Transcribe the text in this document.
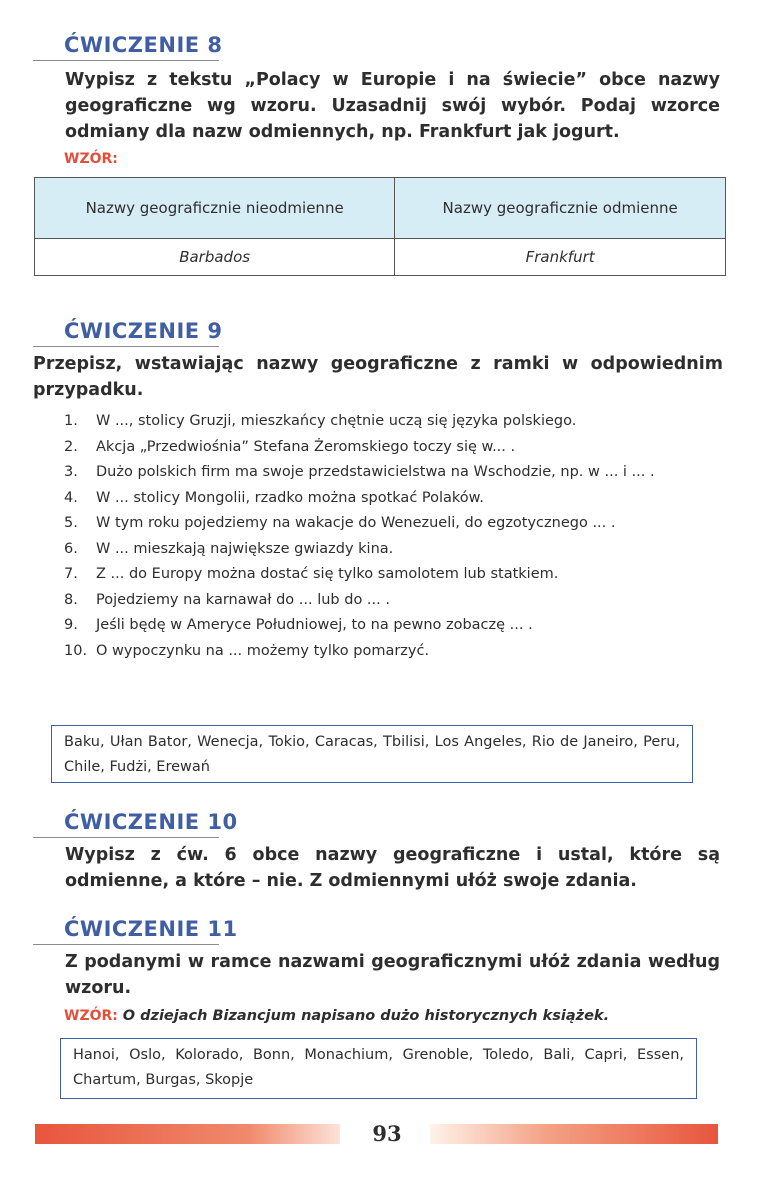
ĆWICZENIE 8

Wypisz z tekstu „Polacy w Europie i na świecie” obce nazwy geograficzne wg wzoru. Uzasadnij swój wybór. Podaj wzorce odmiany dla nazw odmiennych, np. Frankfurt jak jogurt.

WZÓR:
Nazwy geograficznie nieodmienne	Nazwy geograficznie odmienne
Barbados	Frankfurt
ĆWICZENIE 9

Przepisz, wstawiając nazwy geograficzne z ramki w odpowiednim przypadku.

1. W ..., stolicy Gruzji, mieszkańcy chętnie uczą się języka polskiego.
2. Akcja „Przedwiośnia” Stefana Żeromskiego toczy się w... .
3. Dużo polskich firm ma swoje przedstawicielstwa na Wschodzie, np. w ... i ... .
4. W ... stolicy Mongolii, rzadko można spotkać Polaków.
5. W tym roku pojedziemy na wakacje do Wenezueli, do egzotycznego ... .
6. W ... mieszkają największe gwiazdy kina.
7. Z ... do Europy można dostać się tylko samolotem lub statkiem.
8. Pojedziemy na karnawał do ... lub do ... .
9. Jeśli będę w Ameryce Południowej, to na pewno zobaczę ... .
10. O wypoczynku na ... możemy tylko pomarzyć.
Baku, Ułan Bator, Wenecja, Tokio, Caracas, Tbilisi, Los Angeles, Rio de Janeiro, Peru, Chile, Fudżi, Erewań
ĆWICZENIE 10

Wypisz z ćw. 6 obce nazwy geograficzne i ustal, które są odmienne, a które – nie. Z odmiennymi ułóż swoje zdania.

ĆWICZENIE 11

Z podanymi w ramce nazwami geograficznymi ułóż zdania według wzoru.

WZÓR: O dziejach Bizancjum napisano dużo historycznych książek.
Hanoi, Oslo, Kolorado, Bonn, Monachium, Grenoble, Toledo, Bali, Capri, Essen, Chartum, Burgas, Skopje
93
